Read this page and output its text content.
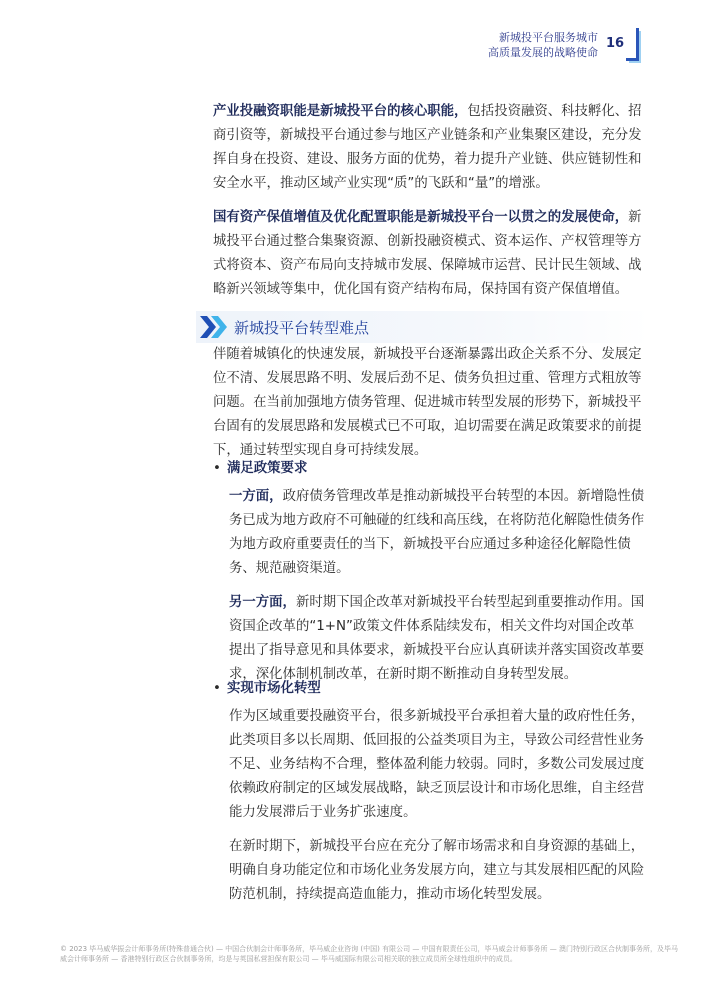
新城投平台服务城市
高质量发展的战略使命
16

产业投融资职能是新城投平台的核心职能，包括投资融资、科技孵化、招商引资等，新城投平台通过参与地区产业链条和产业集聚区建设，充分发挥自身在投资、建设、服务方面的优势，着力提升产业链、供应链韧性和安全水平，推动区域产业实现“质”的飞跃和“量”的增涨。

国有资产保值增值及优化配置职能是新城投平台一以贯之的发展使命，新城投平台通过整合集聚资源、创新投融资模式、资本运作、产权管理等方式将资本、资产布局向支持城市发展、保障城市运营、民计民生领域、战略新兴领域等集中，优化国有资产结构布局，保持国有资产保值增值。

新城投平台转型难点

伴随着城镇化的快速发展，新城投平台逐渐暴露出政企关系不分、发展定位不清、发展思路不明、发展后劲不足、债务负担过重、管理方式粗放等问题。在当前加强地方债务管理、促进城市转型发展的形势下，新城投平台固有的发展思路和发展模式已不可取，迫切需要在满足政策要求的前提下，通过转型实现自身可持续发展。

• 满足政策要求

一方面，政府债务管理改革是推动新城投平台转型的本因。新增隐性债务已成为地方政府不可触碰的红线和高压线，在将防范化解隐性债务作为地方政府重要责任的当下，新城投平台应通过多种途径化解隐性债务、规范融资渠道。

另一方面，新时期下国企改革对新城投平台转型起到重要推动作用。国资国企改革的“1+N”政策文件体系陆续发布，相关文件均对国企改革提出了指导意见和具体要求，新城投平台应认真研读并落实国资改革要求，深化体制机制改革，在新时期不断推动自身转型发展。

• 实现市场化转型

作为区域重要投融资平台，很多新城投平台承担着大量的政府性任务，此类项目多以长周期、低回报的公益类项目为主，导致公司经营性业务不足、业务结构不合理，整体盈利能力较弱。同时，多数公司发展过度依赖政府制定的区域发展战略，缺乏顶层设计和市场化思维，自主经营能力发展滞后于业务扩张速度。

在新时期下，新城投平台应在充分了解市场需求和自身资源的基础上，明确自身功能定位和市场化业务发展方向，建立与其发展相匹配的风险防范机制，持续提高造血能力，推动市场化转型发展。

© 2023 毕马威华振会计师事务所(特殊普通合伙) — 中国合伙制会计师事务所，毕马威企业咨询 (中国) 有限公司 — 中国有限责任公司，毕马威会计师事务所 — 澳门特别行政区合伙制事务所，及毕马威会计师事务所 — 香港特别行政区合伙制事务所，均是与英国私营担保有限公司 — 毕马威国际有限公司相关联的独立成员所全球性组织中的成员。
